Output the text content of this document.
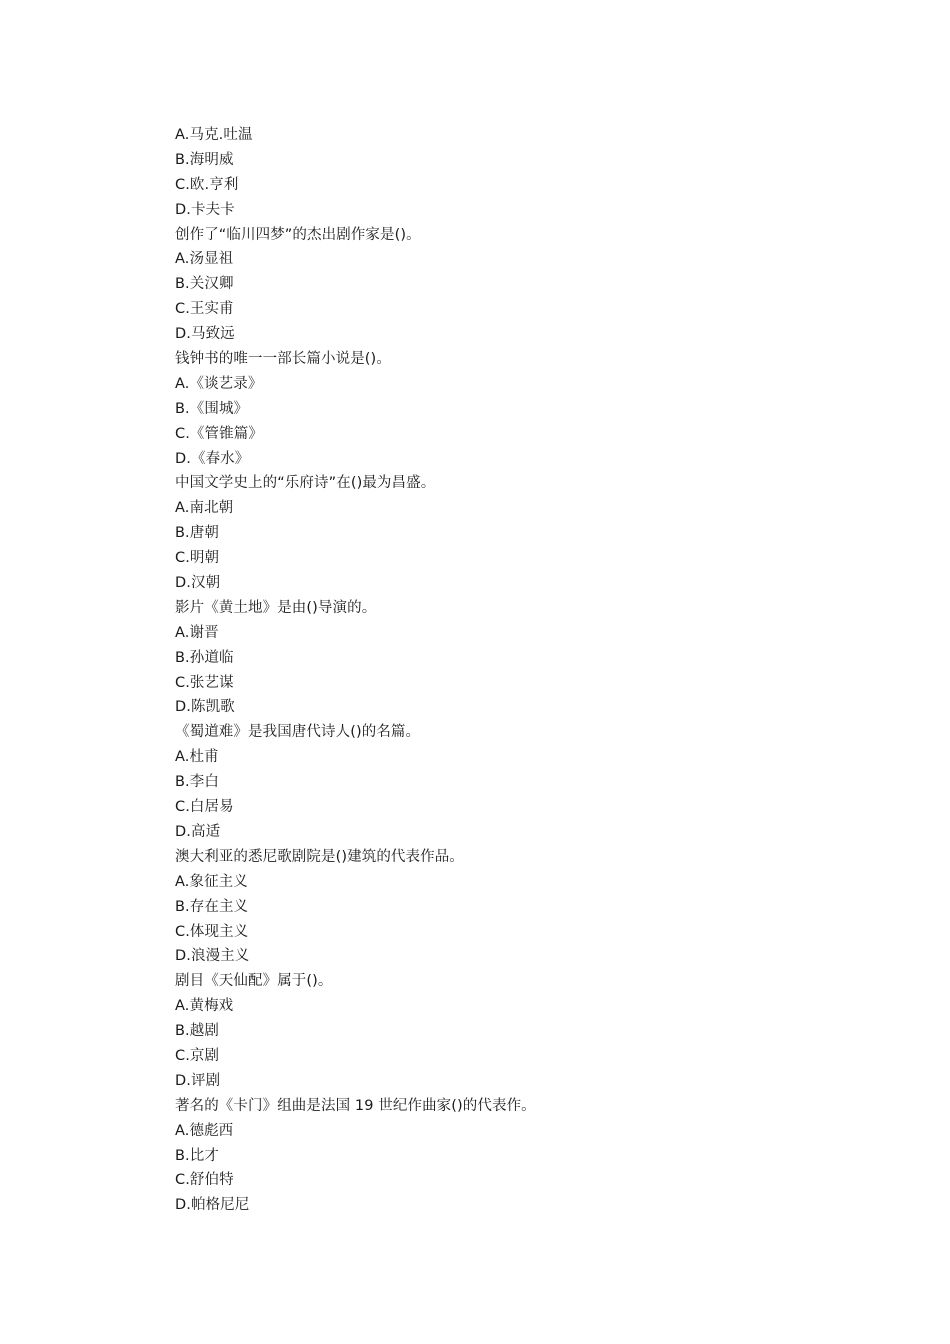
A.马克.吐温
B.海明威
C.欧.亨利
D.卡夫卡
创作了“临川四梦”的杰出剧作家是()。
A.汤显祖
B.关汉卿
C.王实甫
D.马致远
钱钟书的唯一一部长篇小说是()。
A.《谈艺录》
B.《围城》
C.《管锥篇》
D.《春水》
中国文学史上的“乐府诗”在()最为昌盛。
A.南北朝
B.唐朝
C.明朝
D.汉朝
影片《黄土地》是由()导演的。
A.谢晋
B.孙道临
C.张艺谋
D.陈凯歌
《蜀道难》是我国唐代诗人()的名篇。
A.杜甫
B.李白
C.白居易
D.高适
澳大利亚的悉尼歌剧院是()建筑的代表作品。
A.象征主义
B.存在主义
C.体现主义
D.浪漫主义
剧目《天仙配》属于()。
A.黄梅戏
B.越剧
C.京剧
D.评剧
著名的《卡门》组曲是法国 19 世纪作曲家()的代表作。
A.德彪西
B.比才
C.舒伯特
D.帕格尼尼
